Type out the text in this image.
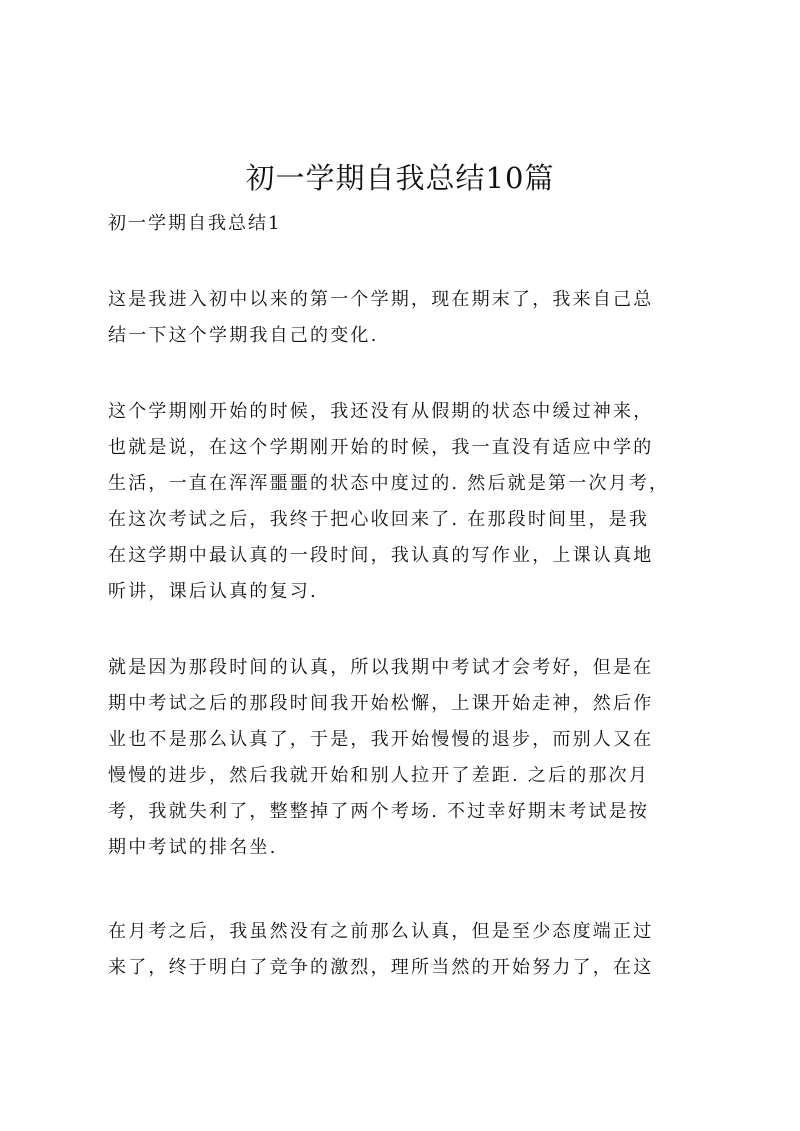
初一学期自我总结10篇
初一学期自我总结1
这是我进入初中以来的第一个学期，现在期末了，我来自己总
结一下这个学期我自己的变化.
这个学期刚开始的时候，我还没有从假期的状态中缓过神来，
也就是说，在这个学期刚开始的时候，我一直没有适应中学的
生活，一直在浑浑噩噩的状态中度过的. 然后就是第一次月考，
在这次考试之后，我终于把心收回来了. 在那段时间里，是我
在这学期中最认真的一段时间，我认真的写作业，上课认真地
听讲，课后认真的复习.
就是因为那段时间的认真，所以我期中考试才会考好，但是在
期中考试之后的那段时间我开始松懈，上课开始走神，然后作
业也不是那么认真了，于是，我开始慢慢的退步，而别人又在
慢慢的进步，然后我就开始和别人拉开了差距. 之后的那次月
考，我就失利了，整整掉了两个考场. 不过幸好期末考试是按
期中考试的排名坐.
在月考之后，我虽然没有之前那么认真，但是至少态度端正过
来了，终于明白了竞争的激烈，理所当然的开始努力了，在这
